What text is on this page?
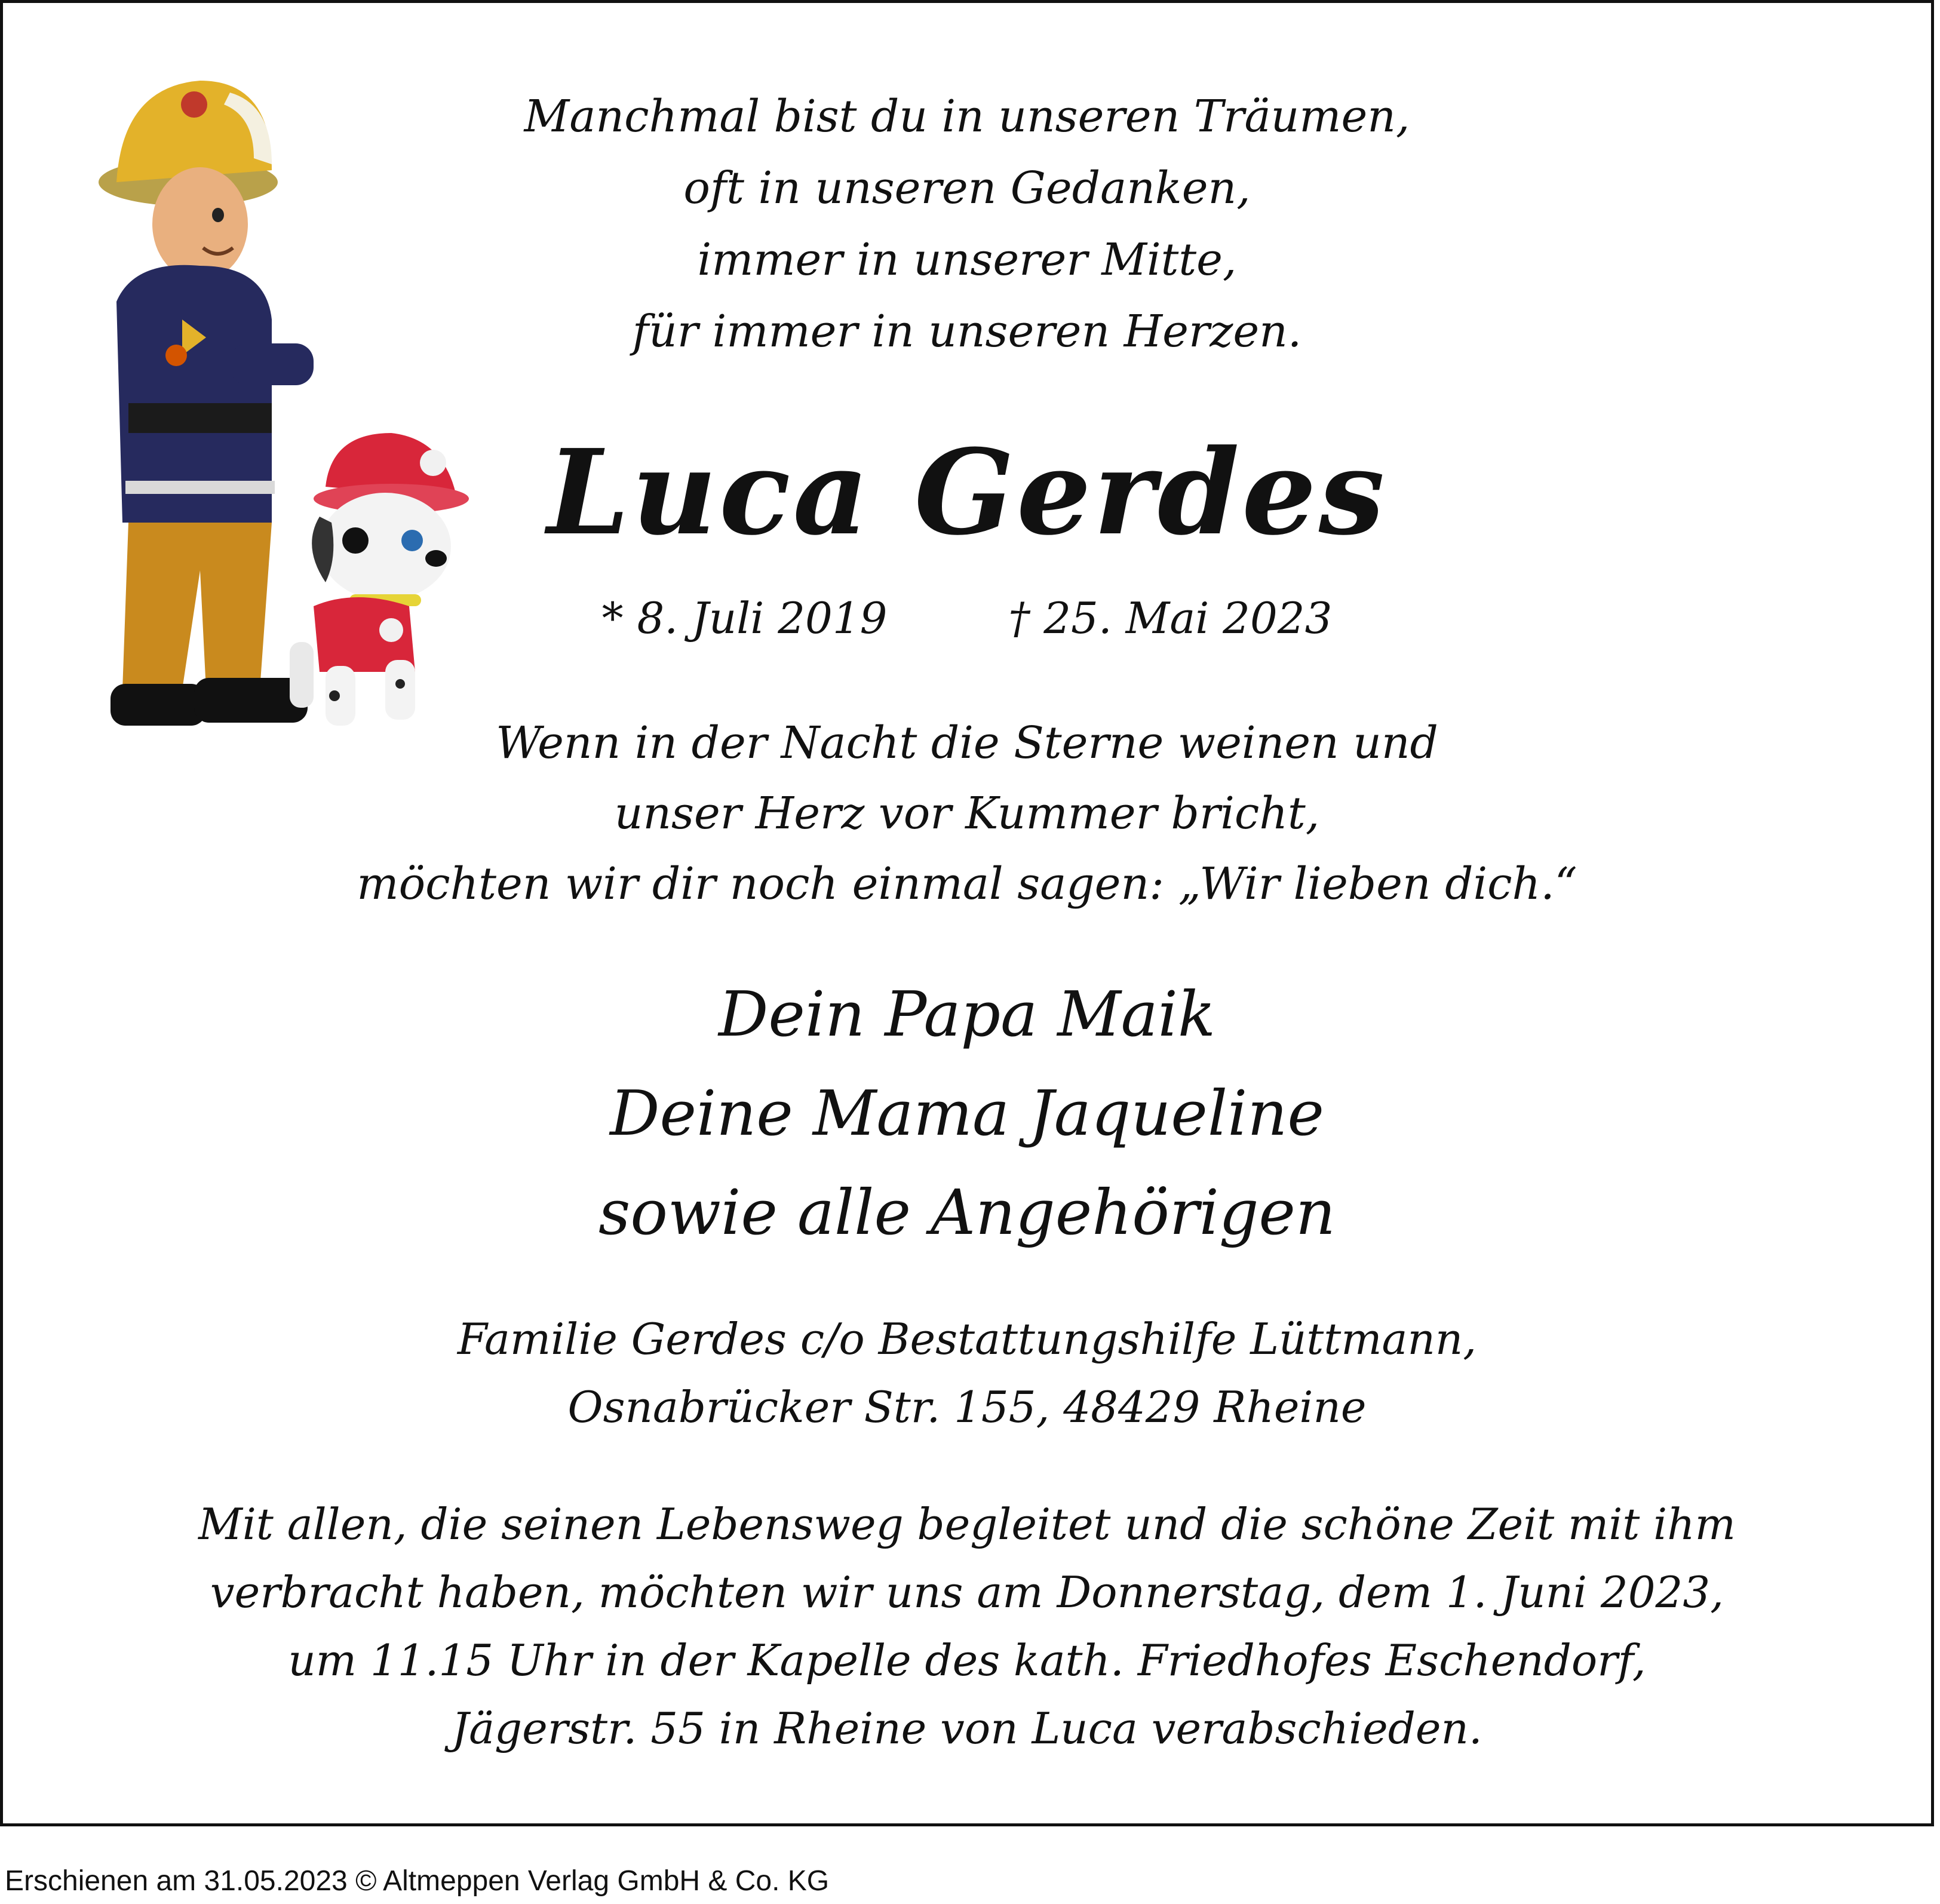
Manchmal bist du in unseren Träumen,
oft in unseren Gedanken,
immer in unserer Mitte,
für immer in unseren Herzen.

Luca Gerdes

* 8. Juli 2019	† 25. Mai 2023

Wenn in der Nacht die Sterne weinen und
unser Herz vor Kummer bricht,
möchten wir dir noch einmal sagen: „Wir lieben dich.“

Dein Papa Maik
Deine Mama Jaqueline
sowie alle Angehörigen

Familie Gerdes c/o Bestattungshilfe Lüttmann,
Osnabrücker Str. 155, 48429 Rheine

Mit allen, die seinen Lebensweg begleitet und die schöne Zeit mit ihm
verbracht haben, möchten wir uns am Donnerstag, dem 1. Juni 2023,
um 11.15 Uhr in der Kapelle des kath. Friedhofes Eschendorf,
Jägerstr. 55 in Rheine von Luca verabschieden.

Erschienen am 31.05.2023 © Altmeppen Verlag GmbH & Co. KG
